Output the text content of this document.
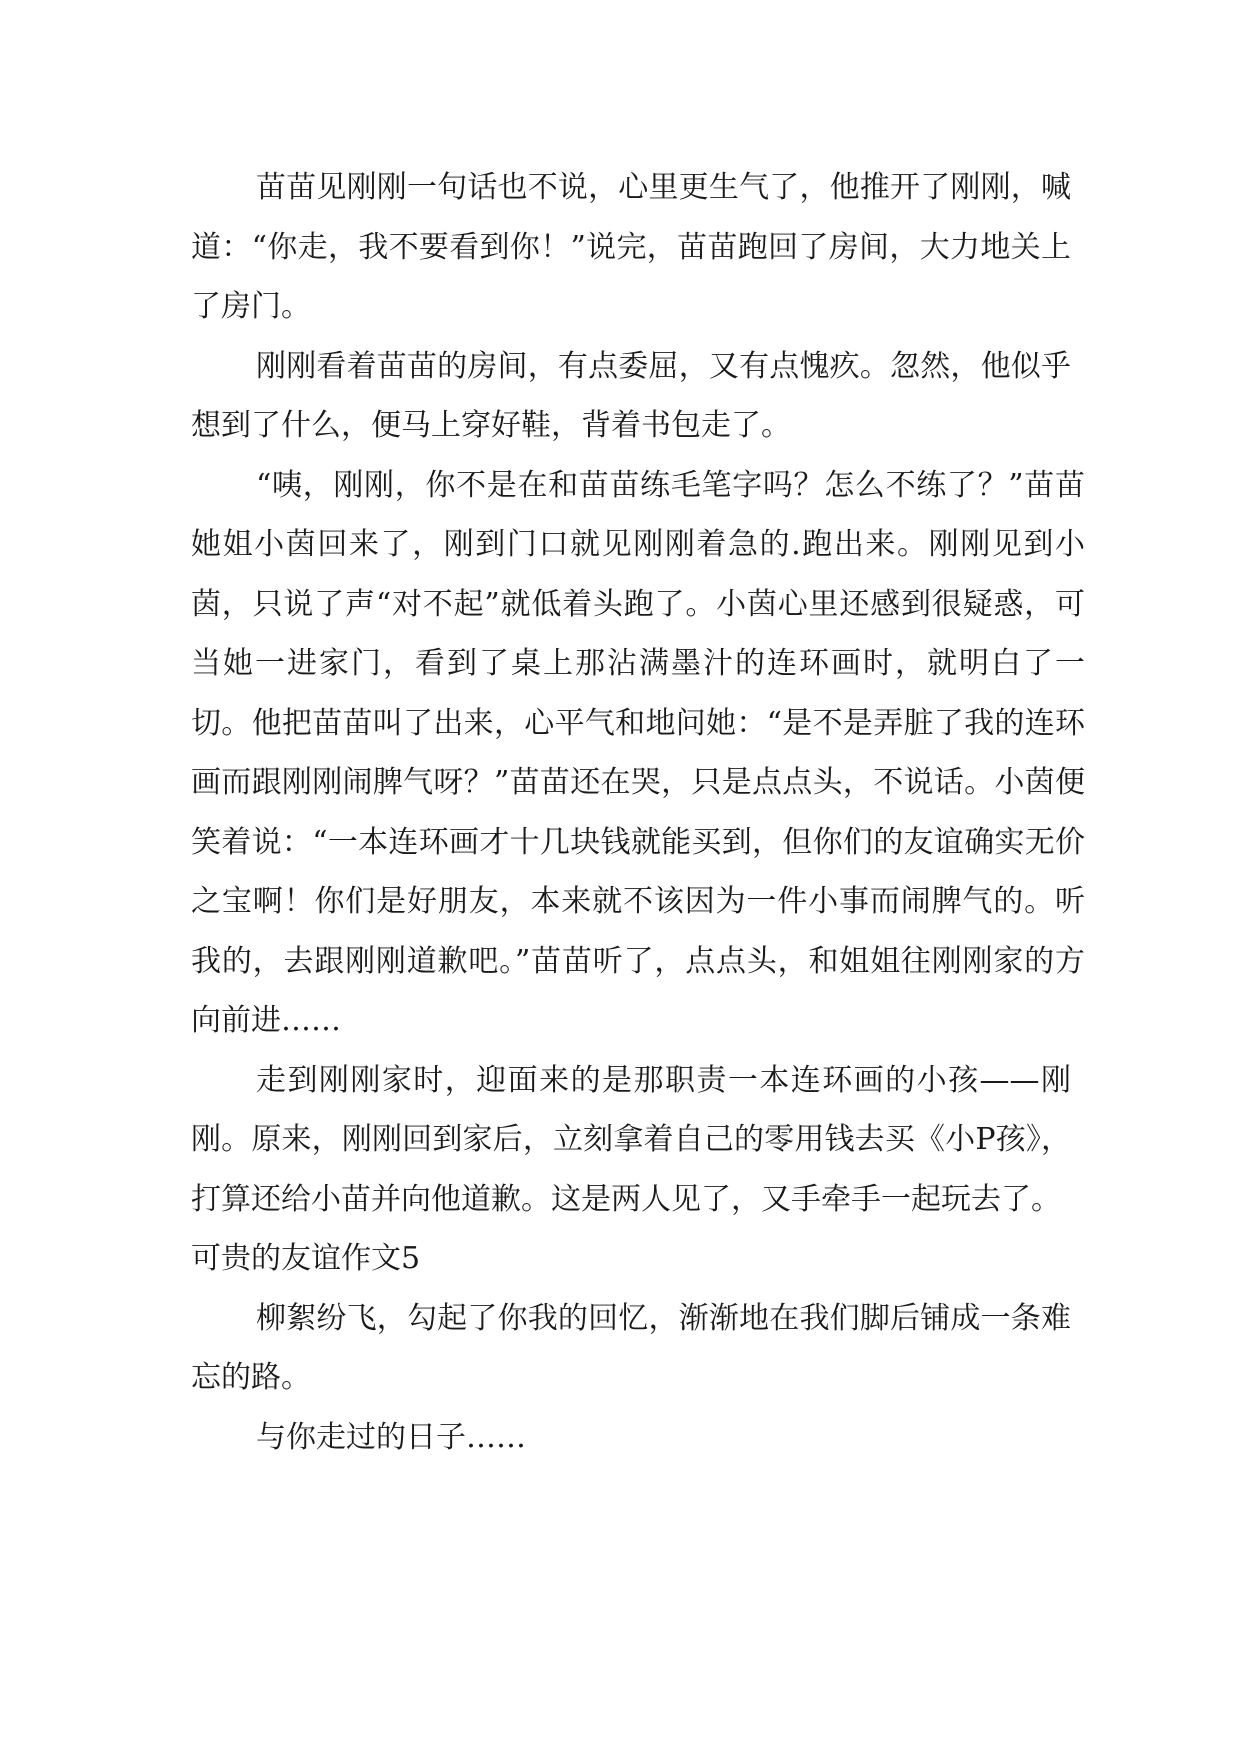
苗苗见刚刚一句话也不说，心里更生气了，他推开了刚刚，喊道：“你走，我不要看到你！”说完，苗苗跑回了房间，大力地关上了房门。

刚刚看着苗苗的房间，有点委屈，又有点愧疚。忽然，他似乎想到了什么，便马上穿好鞋，背着书包走了。

“咦，刚刚，你不是在和苗苗练毛笔字吗？怎么不练了？”苗苗她姐小茵回来了，刚到门口就见刚刚着急的.跑出来。刚刚见到小茵，只说了声“对不起”就低着头跑了。小茵心里还感到很疑惑，可当她一进家门，看到了桌上那沾满墨汁的连环画时，就明白了一切。他把苗苗叫了出来，心平气和地问她：“是不是弄脏了我的连环画而跟刚刚闹脾气呀？”苗苗还在哭，只是点点头，不说话。小茵便笑着说：“一本连环画才十几块钱就能买到，但你们的友谊确实无价之宝啊！你们是好朋友，本来就不该因为一件小事而闹脾气的。听我的，去跟刚刚道歉吧。”苗苗听了，点点头，和姐姐往刚刚家的方向前进……

走到刚刚家时，迎面来的是那职责一本连环画的小孩——刚刚。原来，刚刚回到家后，立刻拿着自己的零用钱去买《小P孩》，打算还给小苗并向他道歉。这是两人见了，又手牵手一起玩去了。

可贵的友谊作文5

柳絮纷飞，勾起了你我的回忆，渐渐地在我们脚后铺成一条难忘的路。

与你走过的日子……
